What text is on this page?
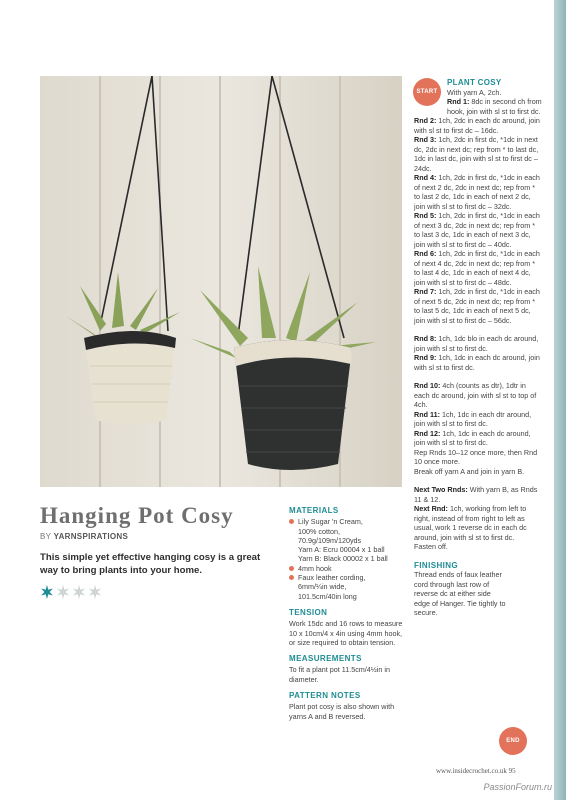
Hanging Pot Cosy
BY YARNSPIRATIONS
This simple yet effective hanging cosy is a great way to bring plants into your home.
MATERIALS
Lily Sugar 'n Cream,
100% cotton,
70.9g/109m/120yds
Yarn A: Ecru 00004 x 1 ball
Yarn B: Black 00002 x 1 ball
4mm hook
Faux leather cording,
6mm/¼in wide,
101.5cm/40in long
TENSION
Work 15dc and 16 rows to measure 10 x 10cm/4 x 4in using 4mm hook, or size required to obtain tension.
MEASUREMENTS
To fit a plant pot 11.5cm/4½in in diameter.
PATTERN NOTES
Plant pot cosy is also shown with yarns A and B reversed.
START

PLANT COSY

With yarn A, 2ch.

Rnd 1: 8dc in second ch from hook, join with sl st to first dc.

Rnd 2: 1ch, 2dc in each dc around, join with sl st to first dc – 16dc.

Rnd 3: 1ch, 2dc in first dc, *1dc in next dc, 2dc in next dc; rep from * to last dc, 1dc in last dc, join with sl st to first dc – 24dc.

Rnd 4: 1ch, 2dc in first dc, *1dc in each of next 2 dc, 2dc in next dc; rep from * to last 2 dc, 1dc in each of next 2 dc, join with sl st to first dc – 32dc.

Rnd 5: 1ch, 2dc in first dc, *1dc in each of next 3 dc, 2dc in next dc; rep from * to last 3 dc, 1dc in each of next 3 dc, join with sl st to first dc – 40dc.

Rnd 6: 1ch, 2dc in first dc, *1dc in each of next 4 dc, 2dc in next dc; rep from * to last 4 dc, 1dc in each of next 4 dc, join with sl st to first dc – 48dc.

Rnd 7: 1ch, 2dc in first dc, *1dc in each of next 5 dc, 2dc in next dc; rep from * to last 5 dc, 1dc in each of next 5 dc, join with sl st to first dc – 56dc.

Rnd 8: 1ch, 1dc blo in each dc around, join with sl st to first dc.

Rnd 9: 1ch, 1dc in each dc around, join with sl st to first dc.

Rnd 10: 4ch (counts as dtr), 1dtr in each dc around, join with sl st to top of 4ch.

Rnd 11: 1ch, 1dc in each dtr around, join with sl st to first dc.

Rnd 12: 1ch, 1dc in each dc around, join with sl st to first dc.

Rep Rnds 10–12 once more, then Rnd 10 once more.

Break off yarn A and join in yarn B.

Next Two Rnds: With yarn B, as Rnds 11 & 12.

Next Rnd: 1ch, working from left to right, instead of from right to left as usual, work 1 reverse dc in each dc around, join with sl st to first dc.

Fasten off.

FINISHING

Thread ends of faux leather cord through last row of reverse dc at either side edge of Hanger. Tie tightly to secure.

END
www.insidecrochet.co.uk 95
PassionForum.ru
